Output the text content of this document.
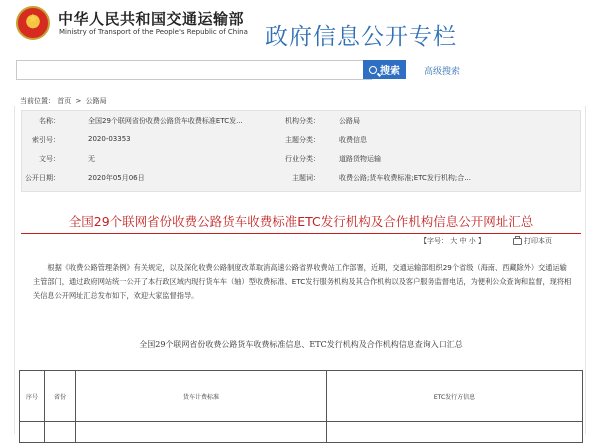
★ 中华人民共和国交通运输部
Ministry of Transport of the People's Republic of China 政府信息公开专栏
搜索	高级搜索
当前位置： 首页 > 公路局
名称：	全国29个联网省份收费公路货车收费标准ETC发...	机构分类：	公路局
索引号：	2020-03353	主题分类：	收费信息
文号：	无	行业分类：	道路货物运输
公开日期：	2020年05月06日	主题词：	收费公路;货车收费标准;ETC发行机构;合...
全国29个联网省份收费公路货车收费标准ETC发行机构及合作机构信息公开网址汇总
【字号： 大 中 小 】	打印本页
根据《收费公路管理条例》有关规定，以及深化收费公路制度改革取消高速公路省界收费站工作部署，近期，交通运输部组织29个省级（海南、西藏除外）交通运输主管部门，通过政府网站统一公开了本行政区域内现行货车车（轴）型收费标准、ETC发行服务机构及其合作机构以及客户服务监督电话，为便利公众查询和监督，现将相关信息公开网址汇总发布如下，欢迎大家监督指导。
全国29个联网省份收费公路货车收费标准信息、ETC发行机构及合作机构信息查询入口汇总
序号	省份	货车计费标准	ETC发行方信息
